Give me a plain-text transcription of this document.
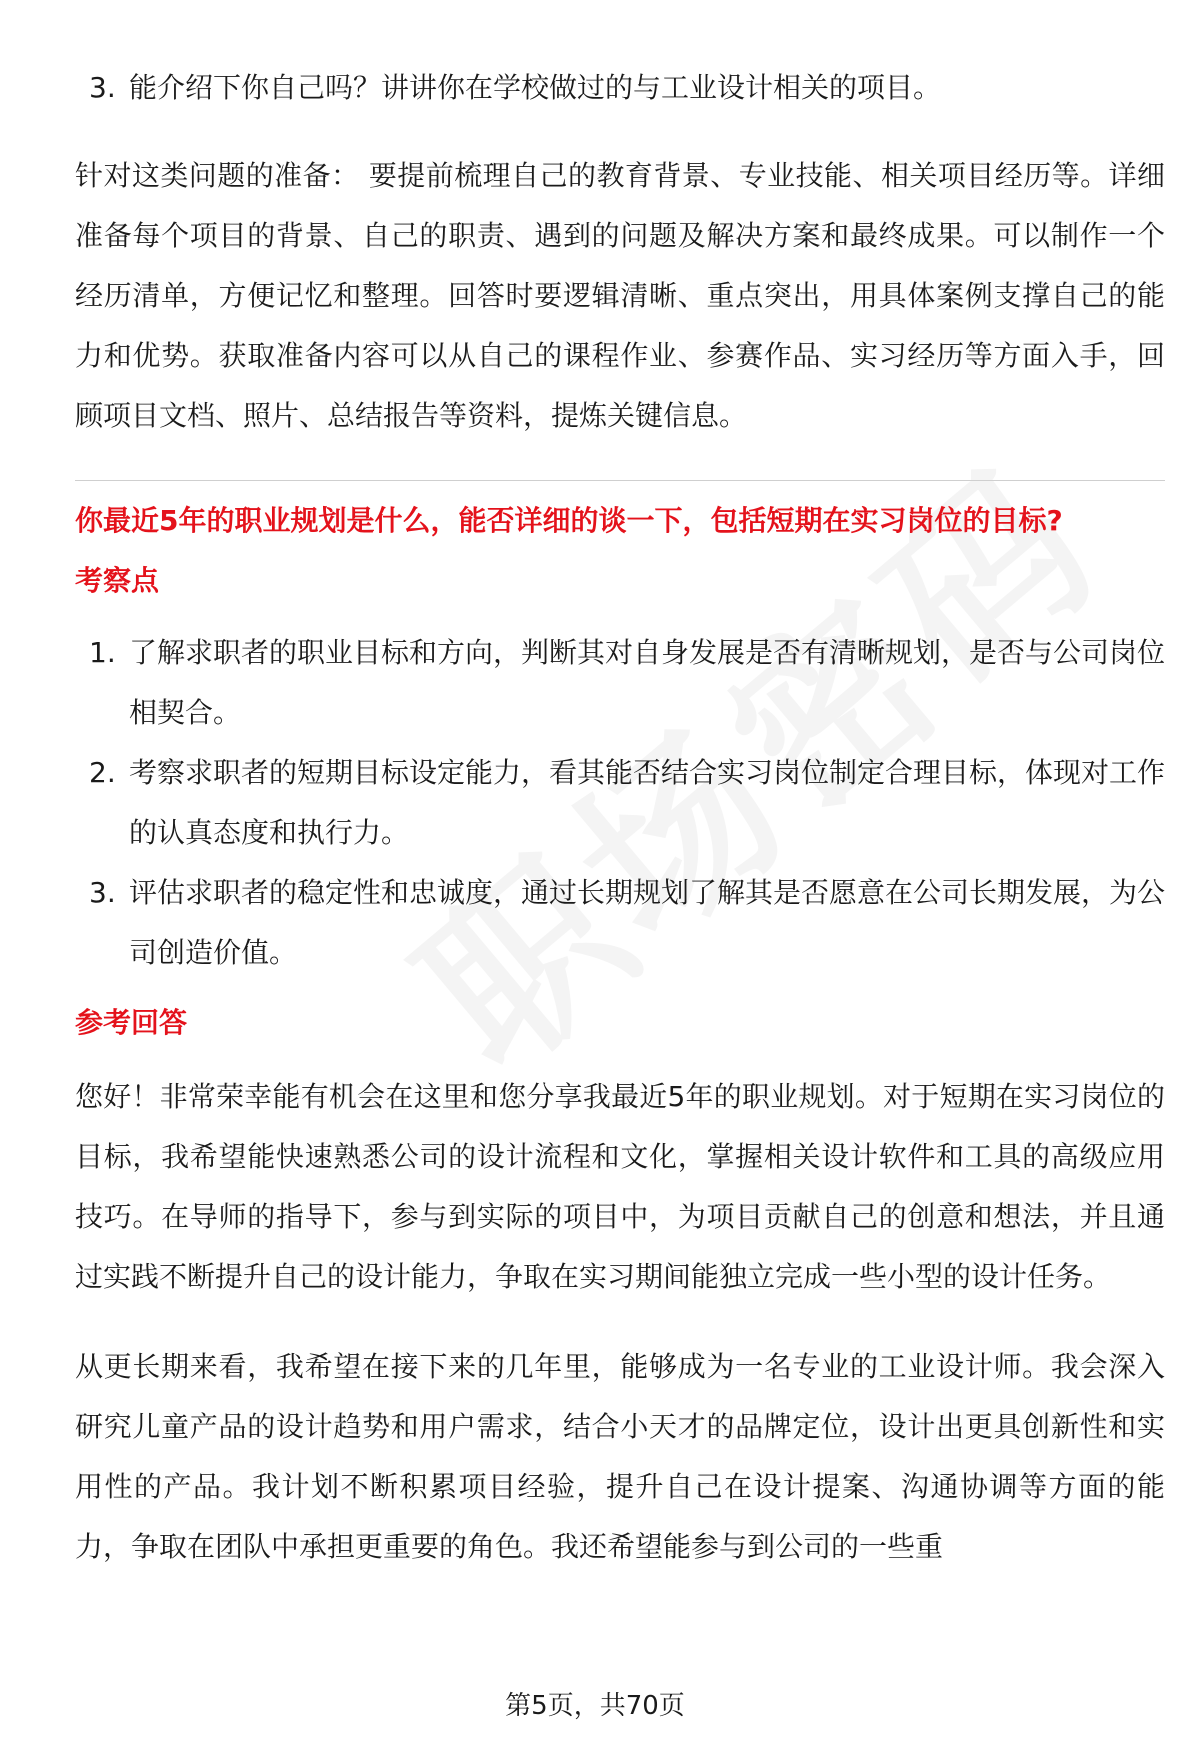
3. 能介绍下你自己吗？讲讲你在学校做过的与工业设计相关的项目。
针对这类问题的准备： 要提前梳理自己的教育背景、专业技能、相关项目经历等。详细准备每个项目的背景、自己的职责、遇到的问题及解决方案和最终成果。可以制作一个经历清单，方便记忆和整理。回答时要逻辑清晰、重点突出，用具体案例支撑自己的能力和优势。获取准备内容可以从自己的课程作业、参赛作品、实习经历等方面入手，回顾项目文档、照片、总结报告等资料，提炼关键信息。
你最近5年的职业规划是什么，能否详细的谈一下，包括短期在实习岗位的目标?
考察点
1. 了解求职者的职业目标和方向，判断其对自身发展是否有清晰规划，是否与公司岗位相契合。
2. 考察求职者的短期目标设定能力，看其能否结合实习岗位制定合理目标，体现对工作的认真态度和执行力。
3. 评估求职者的稳定性和忠诚度，通过长期规划了解其是否愿意在公司长期发展，为公司创造价值。
参考回答
您好！非常荣幸能有机会在这里和您分享我最近5年的职业规划。对于短期在实习岗位的目标，我希望能快速熟悉公司的设计流程和文化，掌握相关设计软件和工具的高级应用技巧。在导师的指导下，参与到实际的项目中，为项目贡献自己的创意和想法，并且通过实践不断提升自己的设计能力，争取在实习期间能独立完成一些小型的设计任务。
从更长期来看，我希望在接下来的几年里，能够成为一名专业的工业设计师。我会深入研究儿童产品的设计趋势和用户需求，结合小天才的品牌定位，设计出更具创新性和实用性的产品。我计划不断积累项目经验，提升自己在设计提案、沟通协调等方面的能力，争取在团队中承担更重要的角色。我还希望能参与到公司的一些重
第5页，共70页
